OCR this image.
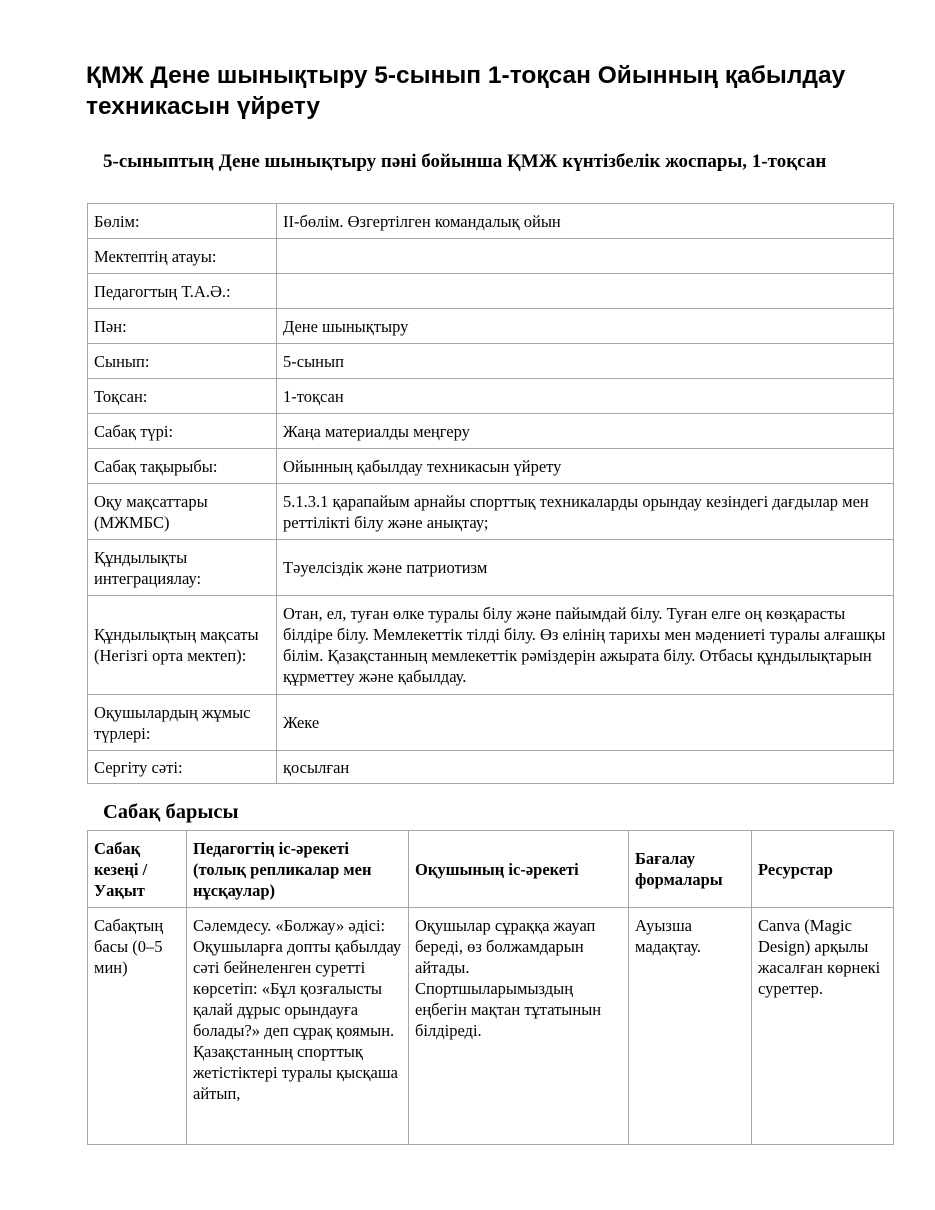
ҚМЖ Дене шынықтыру 5-сынып 1-тоқсан Ойынның қабылдау техникасын үйрету
5-сыныптың Дене шынықтыру пәні бойынша ҚМЖ күнтізбелік жоспары, 1-тоқсан
Бөлім:	ІІ-бөлім. Өзгертілген командалық ойын
Мектептің атауы:	
Педагогтың Т.А.Ә.:	
Пән:	Дене шынықтыру
Сынып:	5-сынып
Тоқсан:	1-тоқсан
Сабақ түрі:	Жаңа материалды меңгеру
Сабақ тақырыбы:	Ойынның қабылдау техникасын үйрету
Оқу мақсаттары (МЖМБС)	5.1.3.1 қарапайым арнайы спорттық техникаларды орындау кезіндегі дағдылар мен реттілікті білу және анықтау;
Құндылықты интеграциялау:	Тәуелсіздік және патриотизм
Құндылықтың мақсаты (Негізгі орта мектеп):	Отан, ел, туған өлке туралы білу және пайымдай білу. Туған елге оң көзқарасты білдіре білу. Мемлекеттік тілді білу. Өз елінің тарихы мен мәдениеті туралы алғашқы білім. Қазақстанның мемлекеттік рәміздерін ажырата білу. Отбасы құндылықтарын құрметтеу және қабылдау.
Оқушылардың жұмыс түрлері:	Жеке
Сергіту сәті:	қосылған
Сабақ барысы
Сабақ кезеңі / Уақыт	Педагогтің іс-әрекеті (толық репликалар мен нұсқаулар)	Оқушының іс-әрекеті	Бағалау формалары	Ресурстар
Сабақтың басы (0–5 мин)	Сәлемдесу. «Болжау» әдісі: Оқушыларға допты қабылдау сәті бейнеленген суретті көрсетіп: «Бұл қозғалысты қалай дұрыс орындауға болады?» деп сұрақ қоямын. Қазақстанның спорттық жетістіктері туралы қысқаша айтып,	Оқушылар сұраққа жауап береді, өз болжамдарын айтады. Спортшыларымыздың еңбегін мақтан тұтатынын білдіреді.	Ауызша мадақтау.	Canva (Magic Design) арқылы жасалған көрнекі суреттер.
